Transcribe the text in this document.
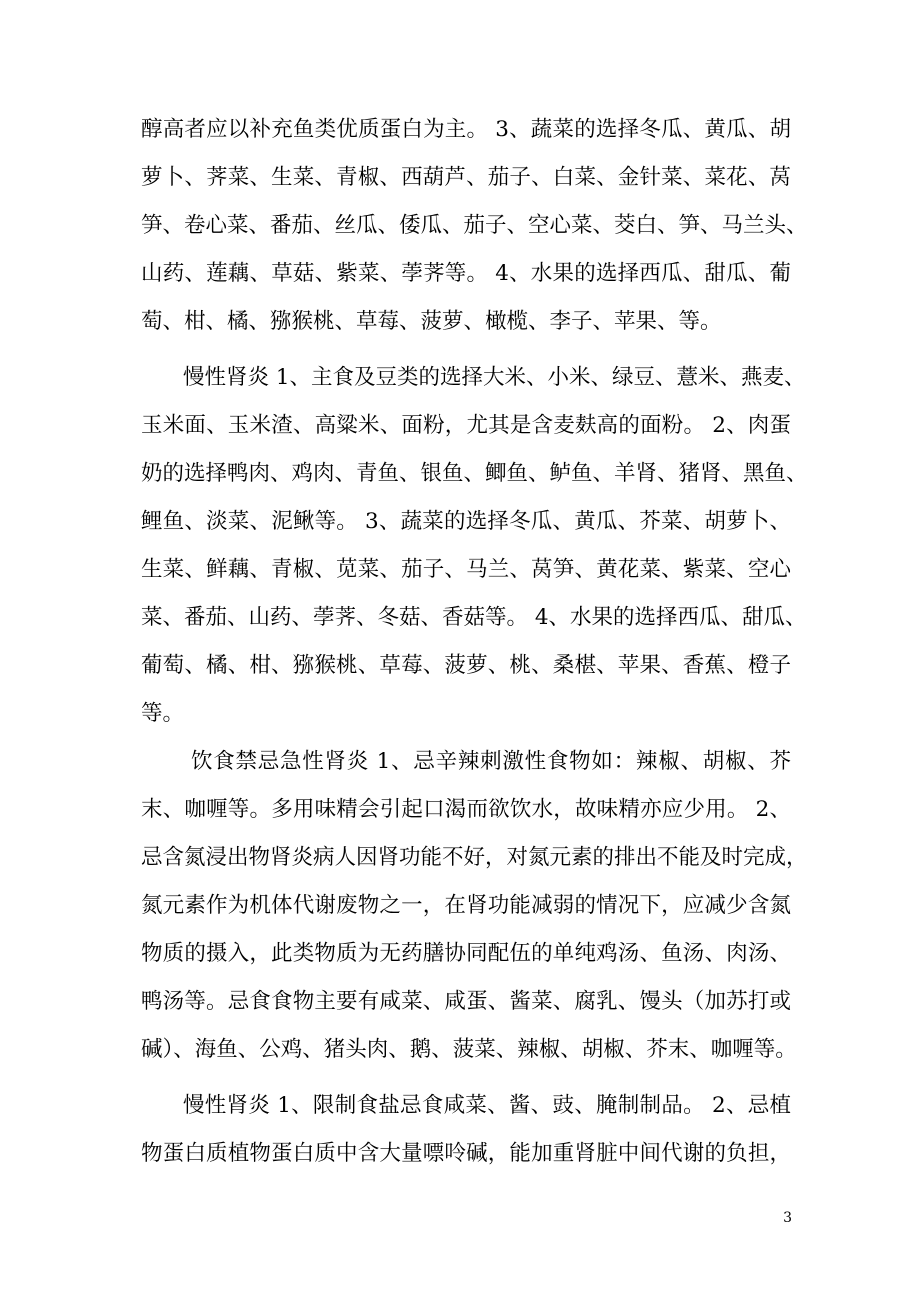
醇高者应以补充鱼类优质蛋白为主。 3、蔬菜的选择冬瓜、黄瓜、胡
萝卜、荠菜、生菜、青椒、西葫芦、茄子、白菜、金针菜、菜花、莴
笋、卷心菜、番茄、丝瓜、倭瓜、茄子、空心菜、茭白、笋、马兰头、
山药、莲藕、草菇、紫菜、荸荠等。 4、水果的选择西瓜、甜瓜、葡
萄、柑、橘、猕猴桃、草莓、菠萝、橄榄、李子、苹果、等。
慢性肾炎 1、主食及豆类的选择大米、小米、绿豆、薏米、燕麦、
玉米面、玉米渣、高粱米、面粉，尤其是含麦麸高的面粉。 2、肉蛋
奶的选择鸭肉、鸡肉、青鱼、银鱼、鲫鱼、鲈鱼、羊肾、猪肾、黑鱼、
鲤鱼、淡菜、泥鳅等。 3、蔬菜的选择冬瓜、黄瓜、芥菜、胡萝卜、
生菜、鲜藕、青椒、苋菜、茄子、马兰、莴笋、黄花菜、紫菜、空心
菜、番茄、山药、荸荠、冬菇、香菇等。 4、水果的选择西瓜、甜瓜、
葡萄、橘、柑、猕猴桃、草莓、菠萝、桃、桑椹、苹果、香蕉、橙子
等。
饮食禁忌急性肾炎 1、忌辛辣刺激性食物如：辣椒、胡椒、芥
末、咖喱等。多用味精会引起口渴而欲饮水，故味精亦应少用。 2、
忌含氮浸出物肾炎病人因肾功能不好，对氮元素的排出不能及时完成，
氮元素作为机体代谢废物之一，在肾功能减弱的情况下，应减少含氮
物质的摄入，此类物质为无药膳协同配伍的单纯鸡汤、鱼汤、肉汤、
鸭汤等。忌食食物主要有咸菜、咸蛋、酱菜、腐乳、馒头（加苏打或
碱）、海鱼、公鸡、猪头肉、鹅、菠菜、辣椒、胡椒、芥末、咖喱等。
慢性肾炎 1、限制食盐忌食咸菜、酱、豉、腌制制品。 2、忌植
物蛋白质植物蛋白质中含大量嘌呤碱，能加重肾脏中间代谢的负担，
3
